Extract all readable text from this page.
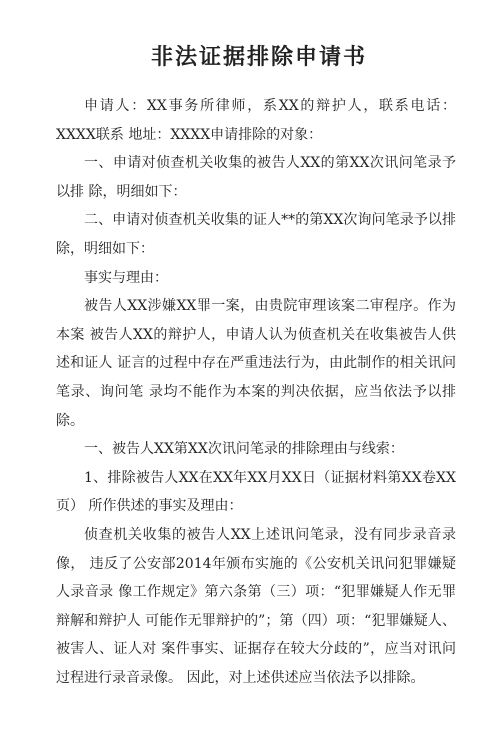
非法证据排除申请书

申请人：XX事务所律师，系XX的辩护人，联系电话：XXXX联系 地址：XXXX申请排除的对象：

一、申请对侦查机关收集的被告人XX的第XX次讯问笔录予以排 除，明细如下：

二、申请对侦查机关收集的证人**的第XX次询问笔录予以排除，明细如下：

事实与理由：

被告人XX涉嫌XX罪一案，由贵院审理该案二审程序。作为本案 被告人XX的辩护人，申请人认为侦查机关在收集被告人供述和证人 证言的过程中存在严重违法行为，由此制作的相关讯问笔录、询问笔 录均不能作为本案的判决依据，应当依法予以排除。

一、被告人XX第XX次讯问笔录的排除理由与线索：

1、排除被告人XX在XX年XX月XX日（证据材料第XX卷XX页） 所作供述的事实及理由：

侦查机关收集的被告人XX上述讯问笔录，没有同步录音录像， 违反了公安部2014年颁布实施的《公安机关讯问犯罪嫌疑人录音录 像工作规定》第六条第（三）项：“犯罪嫌疑人作无罪辩解和辩护人 可能作无罪辩护的”；第（四）项：“犯罪嫌疑人、被害人、证人对 案件事实、证据存在较大分歧的”，应当对讯问过程进行录音录像。 因此，对上述供述应当依法予以排除。
